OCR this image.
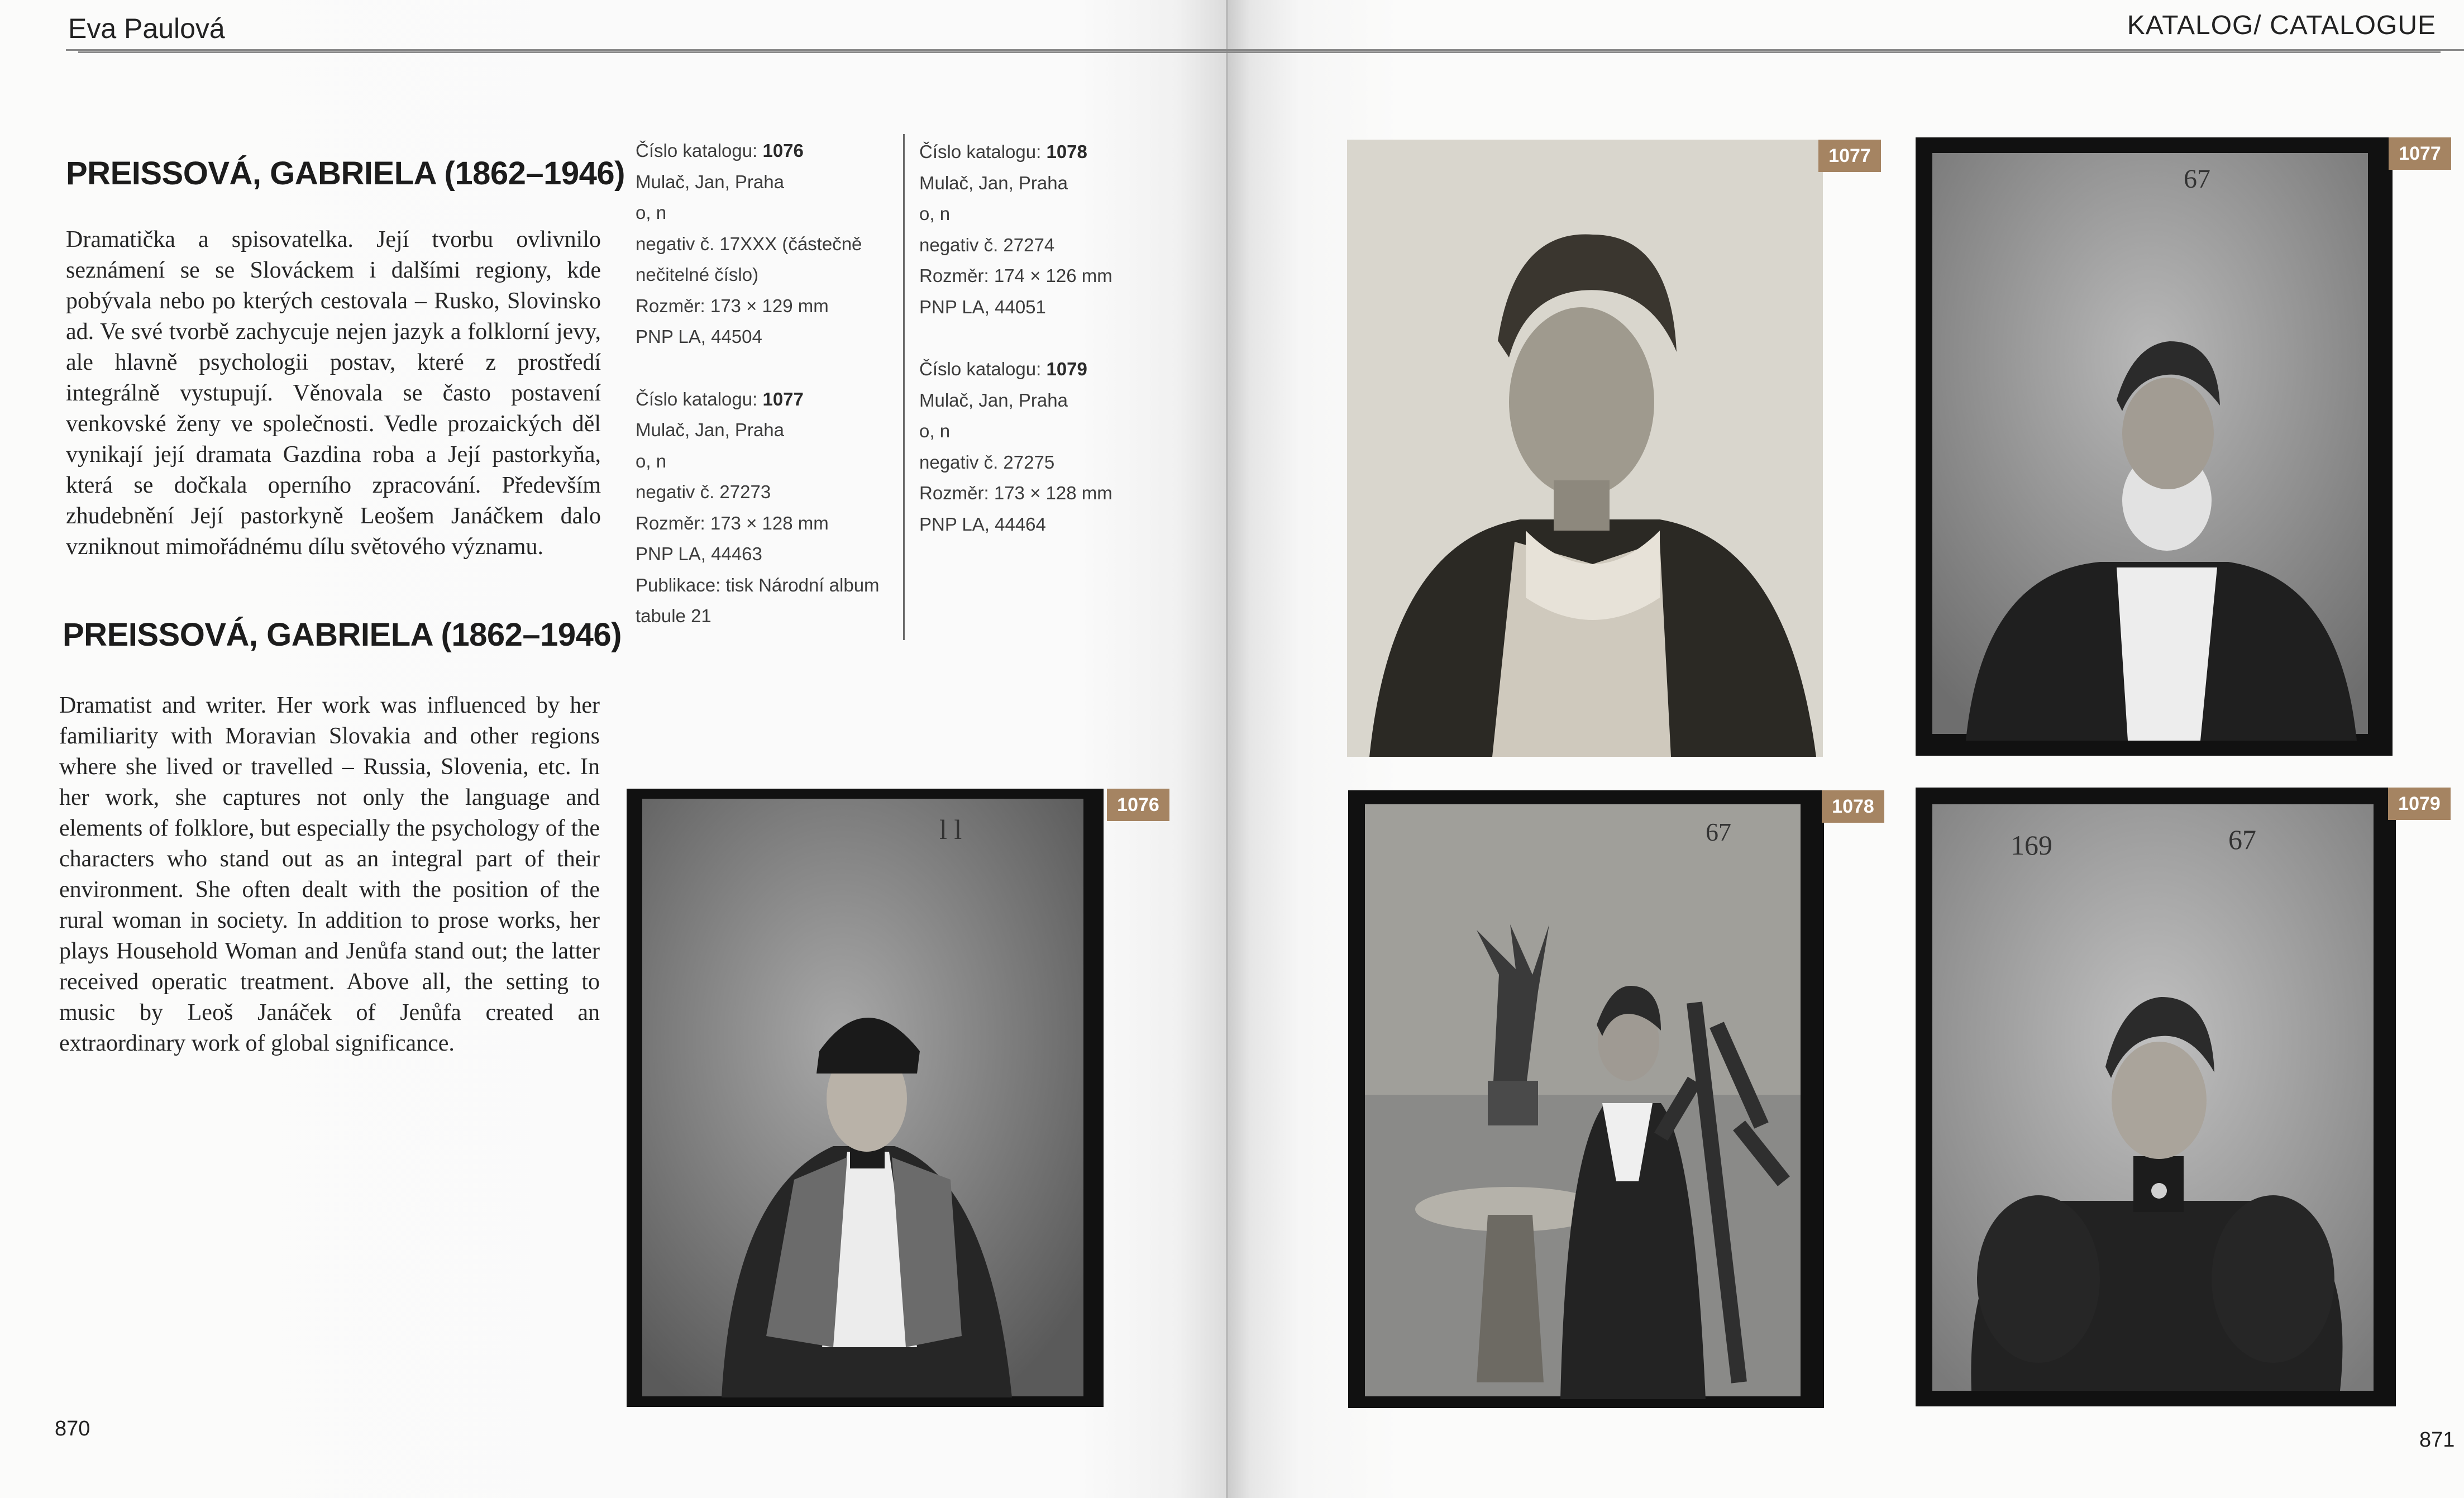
Eva Paulová	KATALOG/ CATALOGUE
PREISSOVÁ, GABRIELA (1862–1946)

Dramatička a spisovatelka. Její tvorbu ovlivnilo seznámení se se Slováckem i dalšími regiony, kde pobývala nebo po kterých cestovala – Rusko, Slovinsko ad. Ve své tvorbě zachycuje nejen jazyk a folklorní jevy, ale hlavně psychologii postav, které z prostředí integrálně vystupují. Věnovala se často postavení venkovské ženy ve společnosti. Vedle prozaických děl vynikají její dramata Gazdina roba a Její pastorkyňa, která se dočkala operního zpracování. Především zhudebnění Její pastorkyně Leošem Janáčkem dalo vzniknout mimořádnému dílu světového významu.

PREISSOVÁ, GABRIELA (1862–1946)

Dramatist and writer. Her work was influenced by her familiarity with Moravian Slovakia and other regions where she lived or travelled – Russia, Slovenia, etc. In her work, she captures not only the language and elements of folklore, but especially the psychology of the characters who stand out as an integral part of their environment. She often dealt with the position of the rural woman in society. In addition to prose works, her plays Household Woman and Jenůfa stand out; the latter received operatic treatment. Above all, the setting to music by Leoš Janáček of Jenůfa created an extraordinary work of global significance.

Číslo katalogu: 1076
Mulač, Jan, Praha
o, n
negativ č. 17XXX (částečně
nečitelné číslo)
Rozměr: 173 × 129 mm
PNP LA, 44504
Číslo katalogu: 1077
Mulač, Jan, Praha
o, n
negativ č. 27273
Rozměr: 173 × 128 mm
PNP LA, 44463
Publikace: tisk Národní album
tabule 21
Číslo katalogu: 1078
Mulač, Jan, Praha
o, n
negativ č. 27274
Rozměr: 174 × 126 mm
PNP LA, 44051
Číslo katalogu: 1079
Mulač, Jan, Praha
o, n
negativ č. 27275
Rozměr: 173 × 128 mm
PNP LA, 44464
l l
1076
1077
67
1077
67
1078
169	67
1079
870	871
